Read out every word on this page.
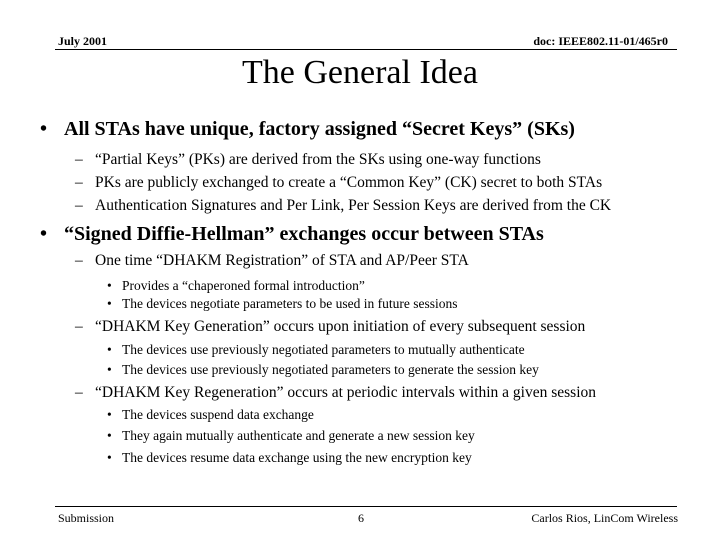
July 2001	doc: IEEE802.11-01/465r0
The General Idea
• All STAs have unique, factory assigned “Secret Keys” (SKs)
– “Partial Keys” (PKs) are derived from the SKs using one-way functions
– PKs are publicly exchanged to create a “Common Key” (CK) secret to both STAs
– Authentication Signatures and Per Link, Per Session Keys are derived from the CK
• “Signed Diffie-Hellman” exchanges occur between STAs
– One time “DHAKM Registration” of STA and AP/Peer STA
• Provides a “chaperoned formal introduction”
• The devices negotiate parameters to be used in future sessions
– “DHAKM Key Generation” occurs upon initiation of every subsequent session
• The devices use previously negotiated parameters to mutually authenticate
• The devices use previously negotiated parameters to generate the session key
– “DHAKM Key Regeneration” occurs at periodic intervals within a given session
• The devices suspend data exchange
• They again mutually authenticate and generate a new session key
• The devices resume data exchange using the new encryption key
Submission	6	Carlos Rios, LinCom Wireless
